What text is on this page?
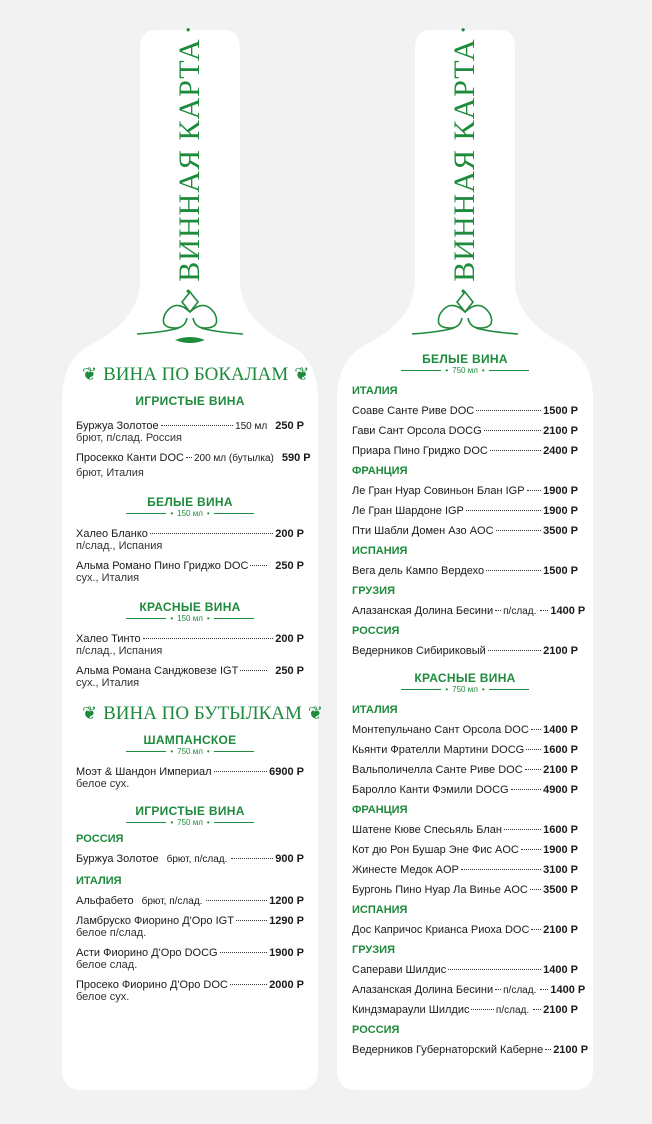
•
ВИННАЯ КАРТА
•
•
ВИННАЯ КАРТА
•
❦ ВИНА ПО БОКАЛАМ ❦
ИГРИСТЫЕ ВИНА
Буржуа Золотое	150 мл 250 Р
брют, п/слад. Россия
Просекко Канти DOC 200 мл (бутылка) 590 Р
брют, Италия
БЕЛЫЕ ВИНА
• 150 мл •
Халео Бланко	200 Р
п/слад., Испания
Альма Романо Пино Гриджо DOC 250 Р
сух., Италия
КРАСНЫЕ ВИНА
• 150 мл •
Халео Тинто	200 Р
п/слад., Испания
Альма Романа Санджовезе IGT	250 Р
сух., Италия
❦ ВИНА ПО БУТЫЛКАМ ❦
ШАМПАНСКОЕ
• 750 мл •
Моэт & Шандон Империал	6900 Р
белое сух.
ИГРИСТЫЕ ВИНА
• 750 мл •
РОССИЯ
Буржуа Золотое брют, п/слад.	900 Р
ИТАЛИЯ
Альфабето брют, п/слад.	1200 Р
Ламбруско Фиорино Д'Оро IGT	1290 Р
белое п/слад.
Асти Фиорино Д'Оро DOCG	1900 Р
белое слад.
Просеко Фиорино Д'Оро DOC	2000 Р
белое сух.
БЕЛЫЕ ВИНА
• 750 мл •
ИТАЛИЯ
Соаве Санте Риве DOC	1500 Р
Гави Сант Орсола DOCG	2100 Р
Приара Пино Гриджо DOC	2400 Р
ФРАНЦИЯ
Ле Гран Нуар Совиньон Блан IGP 1900 Р
Ле Гран Шардоне IGP	1900 Р
Пти Шабли Домен Азо AOC	3500 Р
ИСПАНИЯ
Вега дель Кампо Вердехо	1500 Р
ГРУЗИЯ
Алазанская Долина Бесини п/слад. 1400 Р
РОССИЯ
Ведерников Сибириковый	2100 Р
КРАСНЫЕ ВИНА
• 750 мл •
ИТАЛИЯ
Монтепульчано Сант Орсола DOC 1400 Р
Кьянти Фрателли Мартини DOCG 1600 Р
Вальполичелла Санте Риве DOC 2100 Р
Баролло Канти Фэмили DOCG	4900 Р
ФРАНЦИЯ
Шатене Кюве Спесьяль Блан	1600 Р
Кот дю Рон Бушар Эне Фис AOC 1900 Р
Жинесте Медок AOP	3100 Р
Бургонь Пино Нуар Ла Винье AOC 3500 Р
ИСПАНИЯ
Дос Капричос Крианса Риоха DOC 2100 Р
ГРУЗИЯ
Саперави Шилдис	1400 Р
Алазанская Долина Бесини п/слад. 1400 Р
Киндзмараули Шилдис	п/слад. 2100 Р
РОССИЯ
Ведерников Губернаторский Каберне 2100 Р
